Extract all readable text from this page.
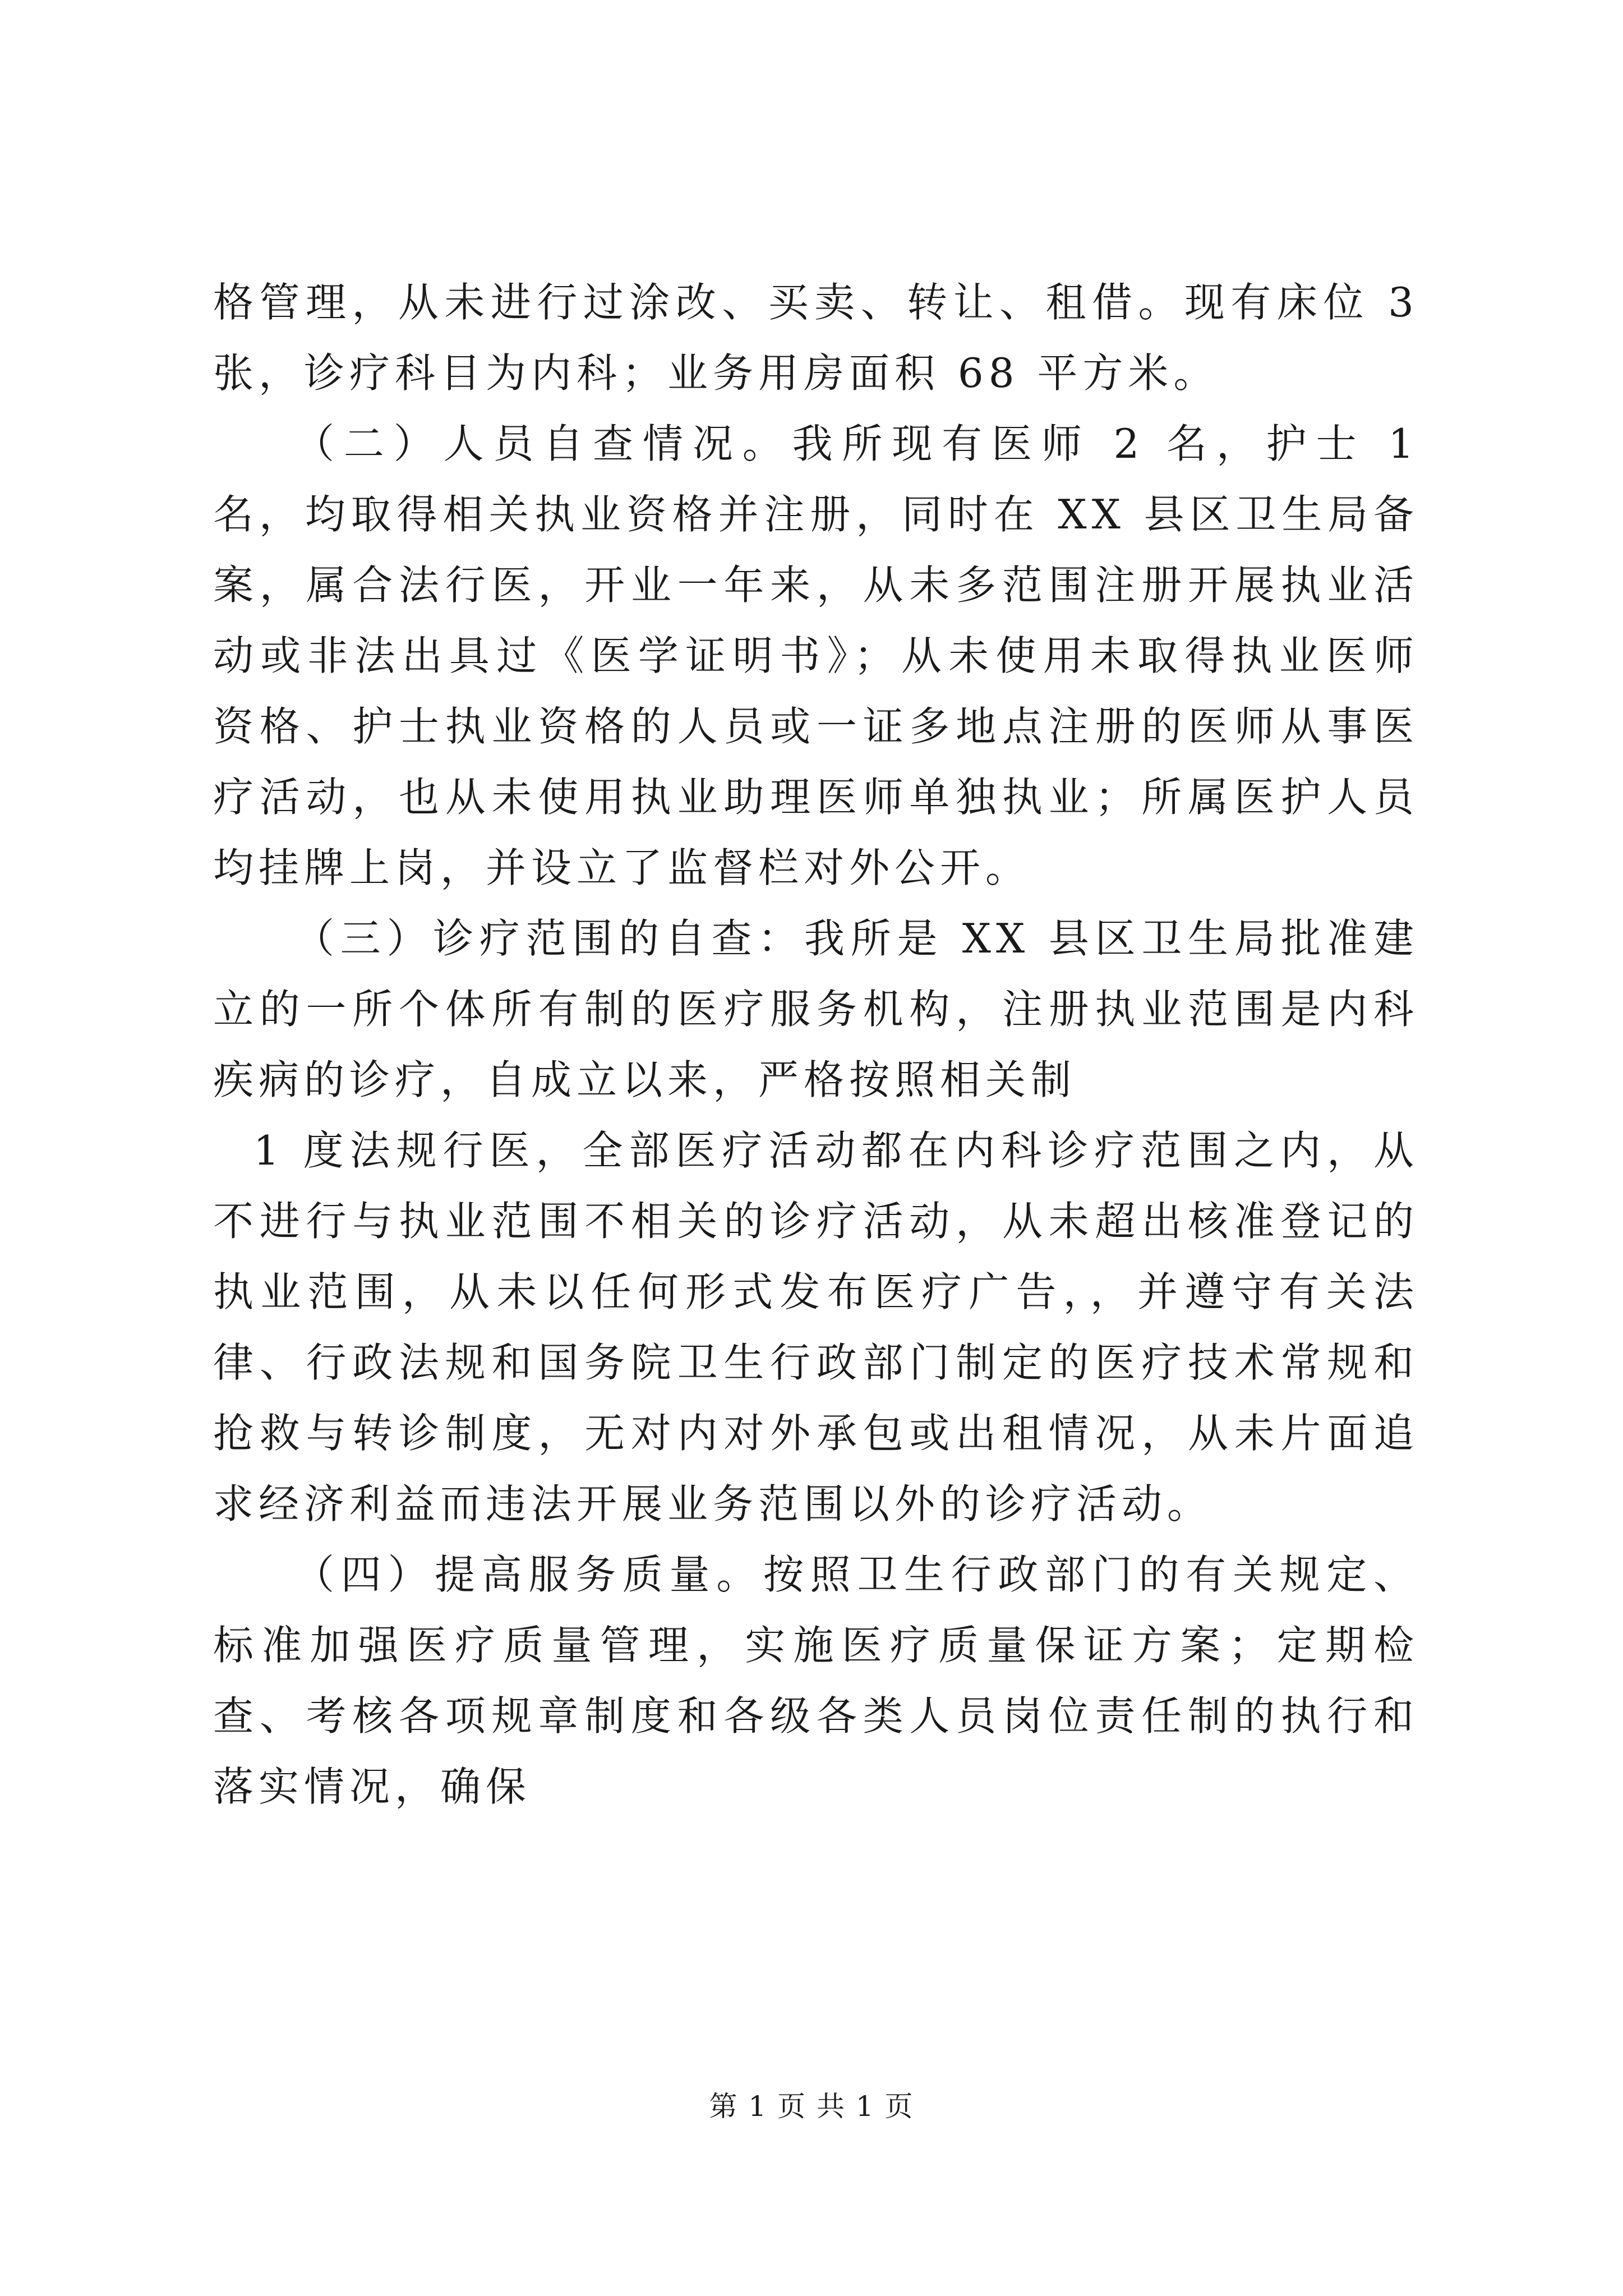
格管理，从未进行过涂改、买卖、转让、租借。现有床位 3 张，诊疗科目为内科；业务用房面积 68 平方米。

（二）人员自查情况。我所现有医师 2 名，护士 1 名，均取得相关执业资格并注册，同时在 XX 县区卫生局备案，属合法行医，开业一年来，从未多范围注册开展执业活动或非法出具过《医学证明书》；从未使用未取得执业医师资格、护士执业资格的人员或一证多地点注册的医师从事医疗活动，也从未使用执业助理医师单独执业；所属医护人员均挂牌上岗，并设立了监督栏对外公开。

（三）诊疗范围的自查：我所是 XX 县区卫生局批准建立的一所个体所有制的医疗服务机构，注册执业范围是内科疾病的诊疗，自成立以来，严格按照相关制

1 度法规行医，全部医疗活动都在内科诊疗范围之内，从不进行与执业范围不相关的诊疗活动，从未超出核准登记的执业范围，从未以任何形式发布医疗广告，，并遵守有关法律、行政法规和国务院卫生行政部门制定的医疗技术常规和抢救与转诊制度，无对内对外承包或出租情况，从未片面追求经济利益而违法开展业务范围以外的诊疗活动。

（四）提高服务质量。按照卫生行政部门的有关规定、标准加强医疗质量管理，实施医疗质量保证方案；定期检查、考核各项规章制度和各级各类人员岗位责任制的执行和落实情况，确保

第 1 页 共 1 页
